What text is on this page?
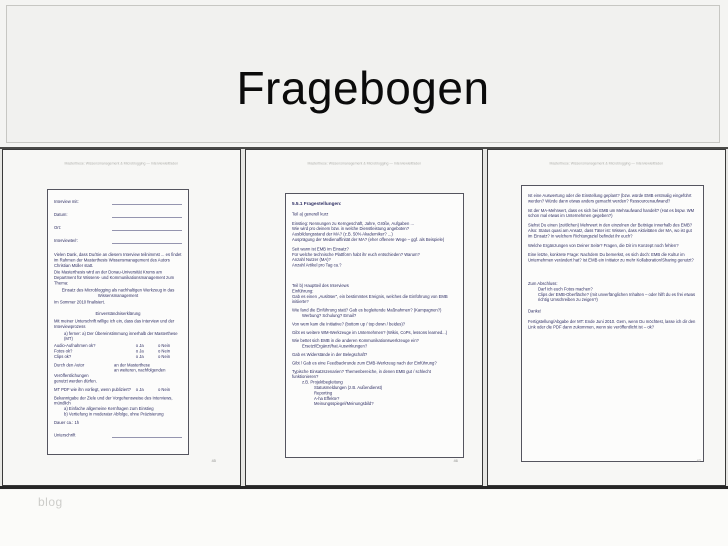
Fragebogen
Masterthese: Wissensmanagement & Microblogging — Interviewleitfaden
Interview mit:
Datum:
Ort:
Interviewte/r:
Vielen Dank, dass Du/Sie an diesem Interview teilnimmst ... es findet im Rahmen der Masterthesis Wissensmanagement des Autors Christian Müller statt.
Die Masterthesis wird an der Donau-Universität Krems am Department für Wissens- und Kommunikationsmanagement zum Thema:
Einsatz des Microblogging als nachhaltigen Werkzeug in das Wissensmanagement
Im Sommer 2010 finalisiert.
Einverständniserklärung
Mit meiner Unterschrift willige ich ein, dass das Interview und der Interviewprozess
a) ferner: a) Der Übereinstimmung innerhalb der Masterthese (MT)
Audio-Aufnahmen ok?	o Ja	o Nein
Fotos ok?	o Ja	o Nein
Clips ok?	o Ja	o Nein
Durch den Autor	an der Masterthese
an weiteren, nachfolgenden
Veröffentlichungen
genutzt werden dürfen.
MT PDF wie ihn vorliegt, wenn publiziert? o Ja	o Nein
Bekanntgabe der Ziele und der Vorgehensweise des Interviews, mündlich
a) Einfache allgemeine Kernfragen zum Einstieg
b) Vertiefung in moderater Abfolge, ohne Präzisierung
Dauer ca.: 1h
Unterschrift
45
Masterthese: Wissensmanagement & Microblogging — Interviewleitfaden
5.5.1 Fragestellungen:
Teil a) generell kurz
Einstieg: Nennungen zu Kerngeschäft, Jahre, Größe, Aufgaben ...
Wie wird pro deinem bzw. in welche Dienstleistung angeboten?
Ausbildungsstand der MA? (z.B. 50% Akademiker? ...)
Ausprägung der Medienaffinität der MA? (eher offenere Wege – ggf. als Beispiele)
Seit wann ist EMB im Einsatz?
Für welche technische Plattform habt ihr euch entschieden? Warum?
Anzahl Nutzer (MA)?
Anzahl Artikel pro Tag ca.?
Teil b) Hauptteil des Interviews
Einführung:
Gab es einen „Auslöser“, ein bestimmtes Ereignis, welches die Einführung von EMB initiierte?
Wie fand die Einführung statt? Gab es begleitende Maßnahmen? (Kampagnen?)
Werbung? Schulung? Email?
Von wem kam die Initiative? (bottom up / top down / beides)?
Gibt es weitere WM-Werkzeuge im Unternehmen? (Wikis, CoPs, lessons learned...)
Wie bettet sich EMB in die anderen Kommunikationswerkzeuge ein?
Ersetzt/Ergänzt/hat Auswirkungen?
Gab es Widerstände in der Belegschaft?
Gibt / Gab es eine Feedbackrunde zum EMB-Werkzeug nach der Einführung?
Typische Einsatzszenarien? Themenbereiche, in denen EMB gut / schlecht funktionieren?
z.B. Projektbegleitung
Statusmeldungen (z.B. Außendienst)
Reporting
A-ha Effekte?
Meinungsspiegel/Meinungsbild?
46
Masterthese: Wissensmanagement & Microblogging — Interviewleitfaden
Ist eine Auswertung oder die Einstellung geplant? (bzw. würde EMB erstmalig eingeführt werden? Würde dann etwas anders gemacht werden? Ressourcenaufwand?
Ist der MA-Mehrwert, dass es sich bei EMB um Mehraufwand handelt? (Hat es bspw. WM schon mal etwas im Unternehmen gegeben?)
Siehst Du einen (zeitlichen) Mehrwert in den einzelnen der Beiträge innerhalb des EMB? Also: Status quasi am Ansatz, dass Täter ist: Wissen, dass Aktivitäten der MA, wo ist gut im Einsatz? In welchem Richtungsziel befindet ihr euch?
Welche Ergänzungen von Deiner Seite? Fragen, die Dir im Konzept noch fehlen?
Eine letzte, konkrete Frage: Nachdem Du bemerkst, es sich doch: EMB die Kultur im Unternehmen verändert hat? Ist EMB ein Initiator zu mehr Kollaboration/Sharing genutzt?
Zum Abschluss:
Darf ich euch Fotos machen?
Clips der EMB-Oberfläche? (mit unverfänglichen Inhalten – oder hilft du es frei etwas richtig Umschreiben zu zeigen?)
Danke!
Fertigstellung/Abgabe der MT: Ende Juni 2010. Gern, wenn Du möchtest, lasse ich dir den Link oder die PDF dann zukommen, wenn sie veröffentlicht ist – ok?
47
blog
